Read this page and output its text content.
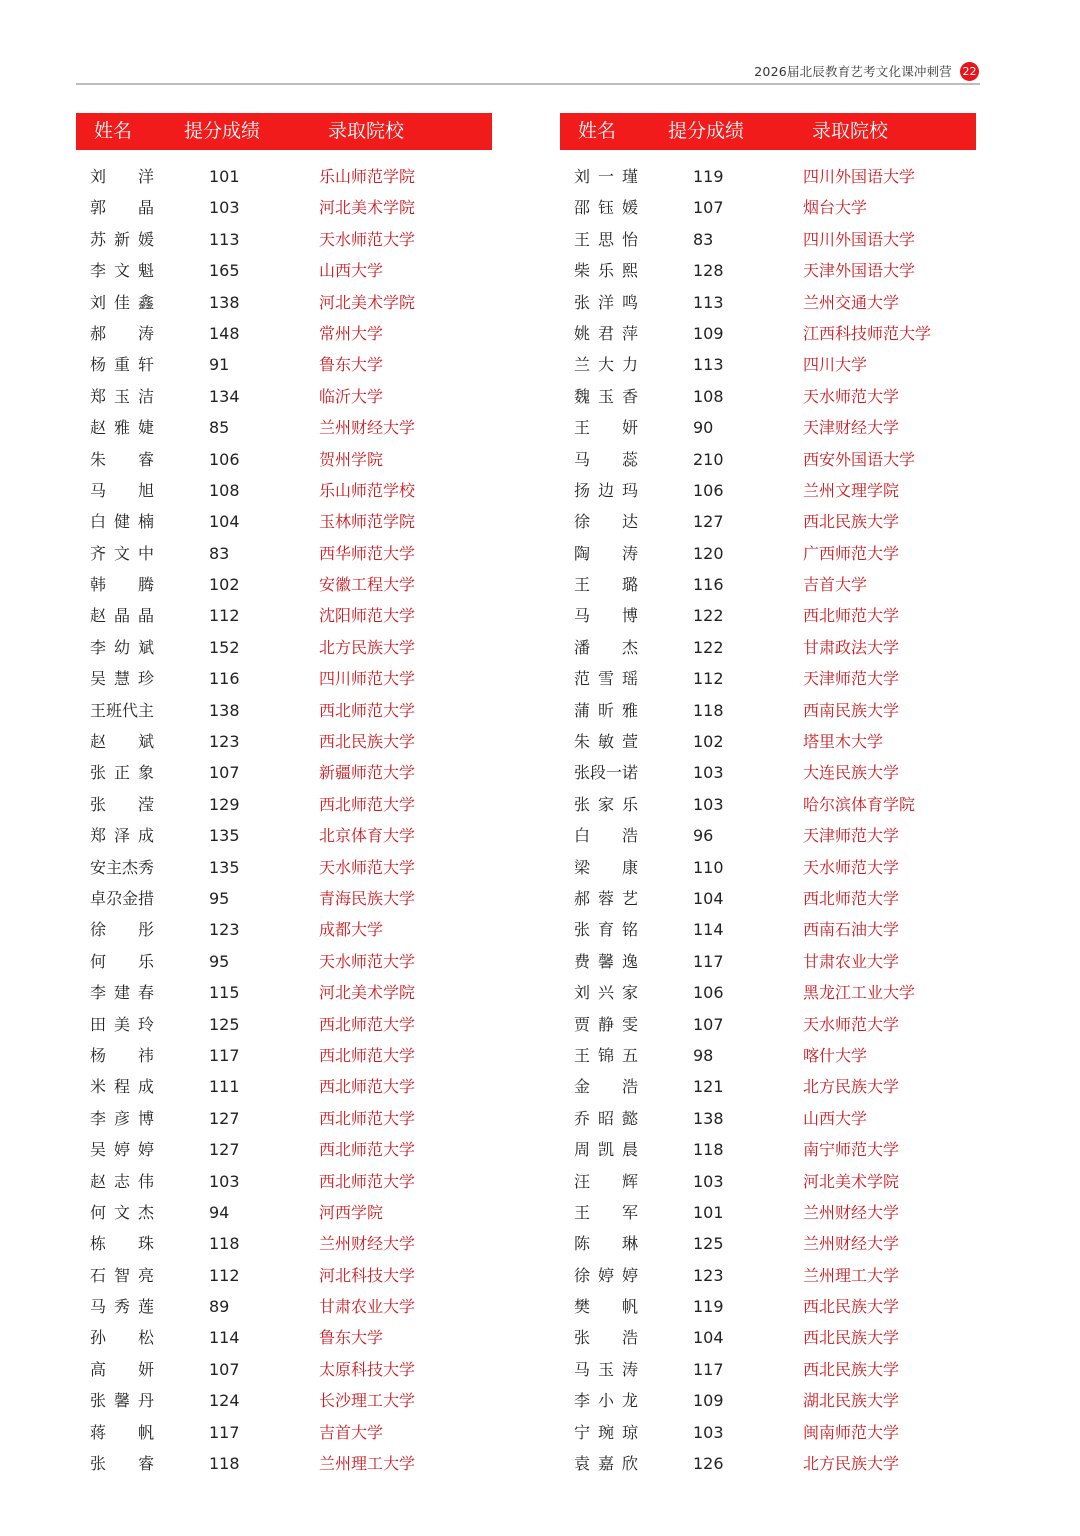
2026届北辰教育艺考文化课冲刺营 22
姓名	提分成绩	录取院校
刘 洋	101	乐山师范学院
郭 晶	103	河北美术学院
苏 新 媛	113	天水师范大学
李 文 魁	165	山西大学
刘 佳 鑫	138	河北美术学院
郝 涛	148	常州大学
杨 重 轩	91	鲁东大学
郑 玉 洁	134	临沂大学
赵 雅 婕	85	兰州财经大学
朱 睿	106	贺州学院
马 旭	108	乐山师范学校
白 健 楠	104	玉林师范学院
齐 文 中	83	西华师范大学
韩 腾	102	安徽工程大学
赵 晶 晶	112	沈阳师范大学
李 幼 斌	152	北方民族大学
吴 慧 珍	116	四川师范大学
王班代主	138	西北师范大学
赵 斌	123	西北民族大学
张 正 象	107	新疆师范大学
张 滢	129	西北师范大学
郑 泽 成	135	北京体育大学
安主杰秀	135	天水师范大学
卓尕金措	95	青海民族大学
徐 彤	123	成都大学
何 乐	95	天水师范大学
李 建 春	115	河北美术学院
田 美 玲	125	西北师范大学
杨 祎	117	西北师范大学
米 程 成	111	西北师范大学
李 彦 博	127	西北师范大学
吴 婷 婷	127	西北师范大学
赵 志 伟	103	西北师范大学
何 文 杰	94	河西学院
栋 珠	118	兰州财经大学
石 智 亮	112	河北科技大学
马 秀 莲	89	甘肃农业大学
孙 松	114	鲁东大学
高 妍	107	太原科技大学
张 馨 丹	124	长沙理工大学
蒋 帆	117	吉首大学
张 睿	118	兰州理工大学
姓名	提分成绩	录取院校
刘 一 瑾	119	四川外国语大学
邵 钰 媛	107	烟台大学
王 思 怡	83	四川外国语大学
柴 乐 熙	128	天津外国语大学
张 洋 鸣	113	兰州交通大学
姚 君 萍	109	江西科技师范大学
兰 大 力	113	四川大学
魏 玉 香	108	天水师范大学
王 妍	90	天津财经大学
马 蕊	210	西安外国语大学
扬 边 玛	106	兰州文理学院
徐 达	127	西北民族大学
陶 涛	120	广西师范大学
王 璐	116	吉首大学
马 博	122	西北师范大学
潘 杰	122	甘肃政法大学
范 雪 瑶	112	天津师范大学
蒲 昕 雅	118	西南民族大学
朱 敏 萱	102	塔里木大学
张段一诺	103	大连民族大学
张 家 乐	103	哈尔滨体育学院
白 浩	96	天津师范大学
梁 康	110	天水师范大学
郝 蓉 艺	104	西北师范大学
张 育 铭	114	西南石油大学
费 馨 逸	117	甘肃农业大学
刘 兴 家	106	黑龙江工业大学
贾 静 雯	107	天水师范大学
王 锦 五	98	喀什大学
金 浩	121	北方民族大学
乔 昭 懿	138	山西大学
周 凯 晨	118	南宁师范大学
汪 辉	103	河北美术学院
王 军	101	兰州财经大学
陈 琳	125	兰州财经大学
徐 婷 婷	123	兰州理工大学
樊 帆	119	西北民族大学
张 浩	104	西北民族大学
马 玉 涛	117	西北民族大学
李 小 龙	109	湖北民族大学
宁 琬 琼	103	闽南师范大学
袁 嘉 欣	126	北方民族大学
